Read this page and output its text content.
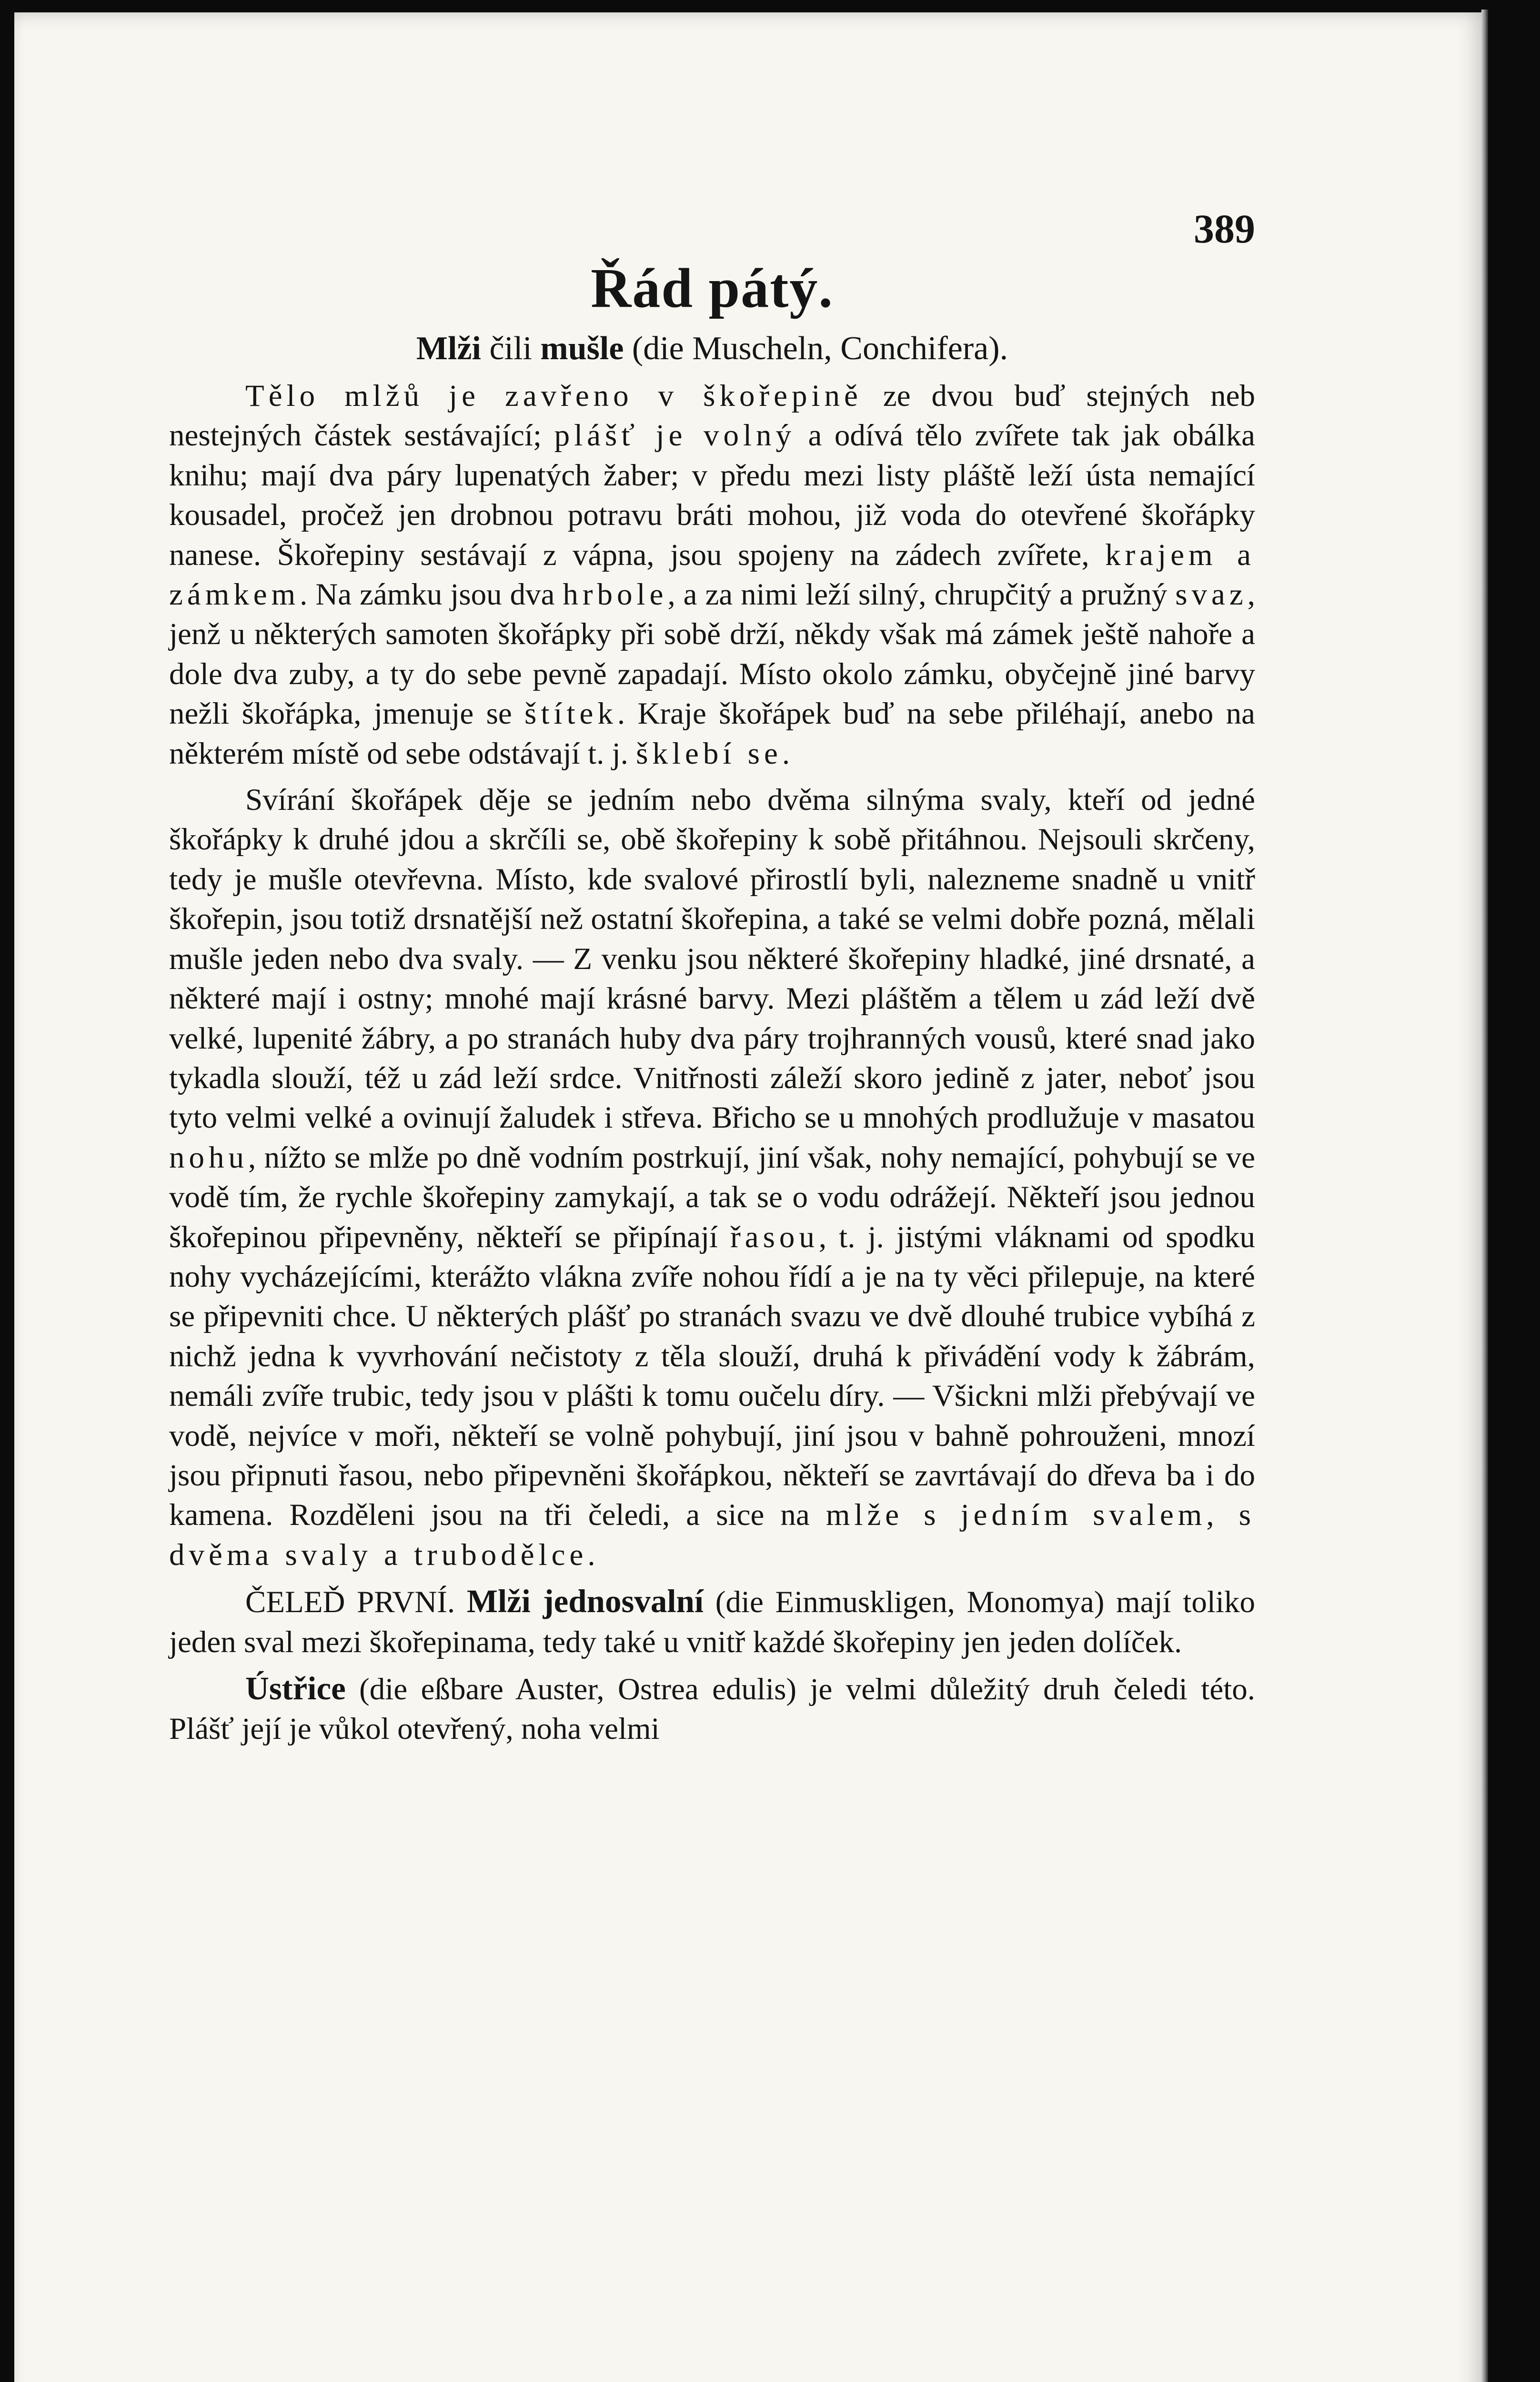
389
Řád pátý.
Mlži čili mušle (die Muscheln, Conchifera).

Tělo mlžů je zavřeno v škořepině ze dvou buď stejných neb nestejných částek sestávající; plášť je volný a odívá tělo zvířete tak jak obálka knihu; mají dva páry lupenatých žaber; v předu mezi listy pláště leží ústa nemající kousadel, pročež jen drobnou potravu bráti mohou, již voda do otevřené škořápky nanese. Škořepiny sestávají z vápna, jsou spojeny na zádech zvířete, krajem a zámkem. Na zámku jsou dva hrbole, a za nimi leží silný, chrupčitý a pružný svaz, jenž u některých samoten škořápky při sobě drží, někdy však má zámek ještě nahoře a dole dva zuby, a ty do sebe pevně zapadají. Místo okolo zámku, obyčejně jiné barvy nežli škořápka, jmenuje se štítek. Kraje škořápek buď na sebe přiléhají, anebo na některém místě od sebe odstávají t. j. šklebí se.

Svírání škořápek děje se jedním nebo dvěma silnýma svaly, kteří od jedné škořápky k druhé jdou a skrčíli se, obě škořepiny k sobě přitáhnou. Nejsouli skrčeny, tedy je mušle otevřevna. Místo, kde svalové přirostlí byli, nalezneme snadně u vnitř škořepin, jsou totiž drsnatější než ostatní škořepina, a také se velmi dobře pozná, mělali mušle jeden nebo dva svaly. — Z venku jsou některé škořepiny hladké, jiné drsnaté, a některé mají i ostny; mnohé mají krásné barvy. Mezi pláštěm a tělem u zád leží dvě velké, lupenité žábry, a po stranách huby dva páry trojhranných vousů, které snad jako tykadla slouží, též u zád leží srdce. Vnitřnosti záleží skoro jedině z jater, neboť jsou tyto velmi velké a ovinují žaludek i střeva. Břicho se u mnohých prodlužuje v masatou nohu, nížto se mlže po dně vodním postrkují, jiní však, nohy nemající, pohybují se ve vodě tím, že rychle škořepiny zamykají, a tak se o vodu odrážejí. Někteří jsou jednou škořepinou připevněny, někteří se připínají řasou, t. j. jistými vláknami od spodku nohy vycházejícími, kterážto vlákna zvíře nohou řídí a je na ty věci přilepuje, na které se připevniti chce. U některých plášť po stranách svazu ve dvě dlouhé trubice vybíhá z nichž jedna k vyvrhování nečistoty z těla slouží, druhá k přivádění vody k žábrám, nemáli zvíře trubic, tedy jsou v plášti k tomu oučelu díry. — Všickni mlži přebývají ve vodě, nejvíce v moři, někteří se volně pohybují, jiní jsou v bahně pohrouženi, mnozí jsou připnuti řasou, nebo připevněni škořápkou, někteří se zavrtávají do dřeva ba i do kamena. Rozděleni jsou na tři čeledi, a sice na mlže s jedním svalem, s dvěma svaly a trubodělce.

ČELEĎ PRVNÍ. Mlži jednosvalní (die Einmuskligen, Monomya) mají toliko jeden sval mezi škořepinama, tedy také u vnitř každé škořepiny jen jeden dolíček.

Ústřice (die eßbare Auster, Ostrea edulis) je velmi důležitý druh čeledi této. Plášť její je vůkol otevřený, noha velmi
